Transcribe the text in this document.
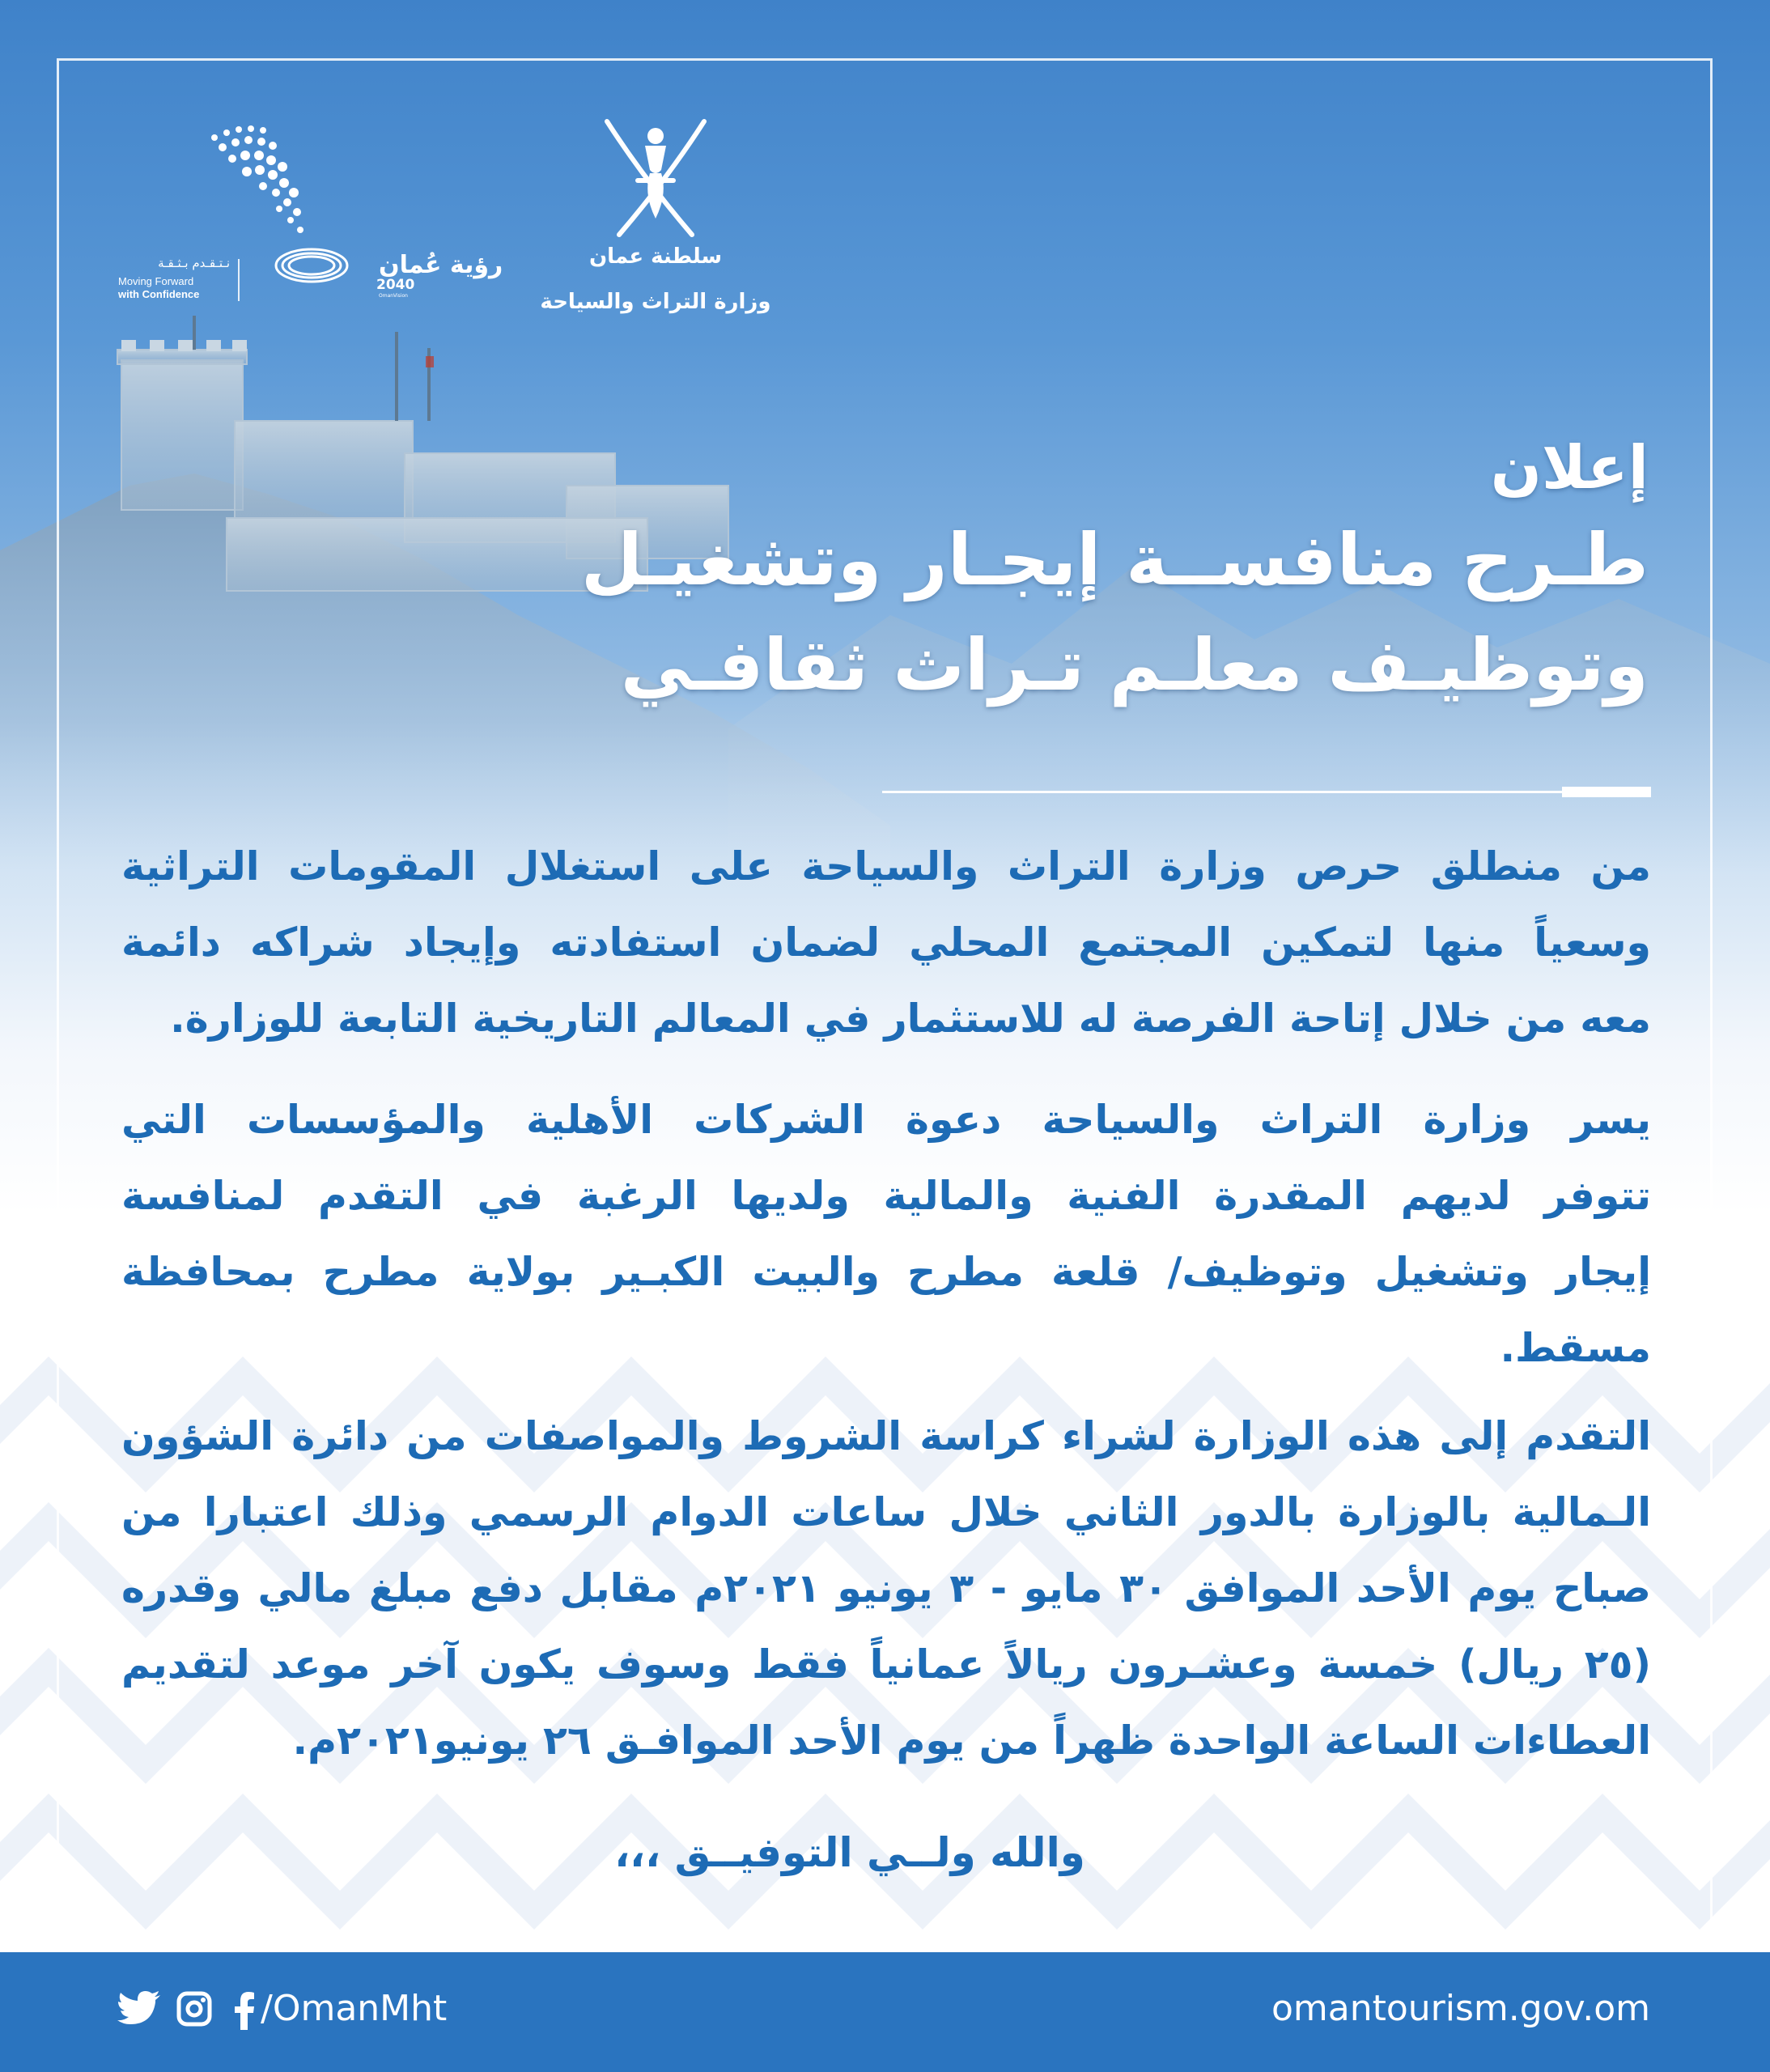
سلطنة عمان
وزارة التراث والسياحة
رؤية عُمان
2040
OmanVision
نـتـقـدم بـثـقـة
Moving Forward
with Confidence
إعلان
طـرح منافســة إيجـار وتشغيـل
وتوظيـف معلـم تـراث ثقافـي
من منطلق حرص وزارة التراث والسياحة على استغلال المقومات التراثية
وسعياً منها لتمكين المجتمع المحلي لضمان استفادته وإيجاد شراكه دائمة
معه من خلال إتاحة الفرصة له للاستثمار في المعالم التاريخية التابعة للوزارة.
يسر وزارة التراث والسياحة دعوة الشركات الأهلية والمؤسسات التي
تتوفر لديهم المقدرة الفنية والمالية ولديها الرغبة في التقدم لمنافسة
إيجار وتشغيل وتوظيف/ قلعة مطرح والبيت الكبـير بولاية مطرح بمحافظة
مسقط.
التقدم إلى هذه الوزارة لشراء كراسة الشروط والمواصفات من دائرة الشؤون
الـمالية بالوزارة بالدور الثاني خلال ساعات الدوام الرسمي وذلك اعتبارا من
صباح يوم الأحد الموافق ٣٠ مايو - ٣ يونيو ٢٠٢١م مقابل دفع مبلغ مالي وقدره
(٢٥ ريال) خمسة وعشـرون ريالاً عمانياً فقط وسوف يكون آخر موعد لتقديم
العطاءات الساعة الواحدة ظهراً من يوم الأحد الموافـق ٢٦ يونيو٢٠٢١م.
والله ولــي التوفيــق ،،،
/OmanMht	omantourism.gov.om
